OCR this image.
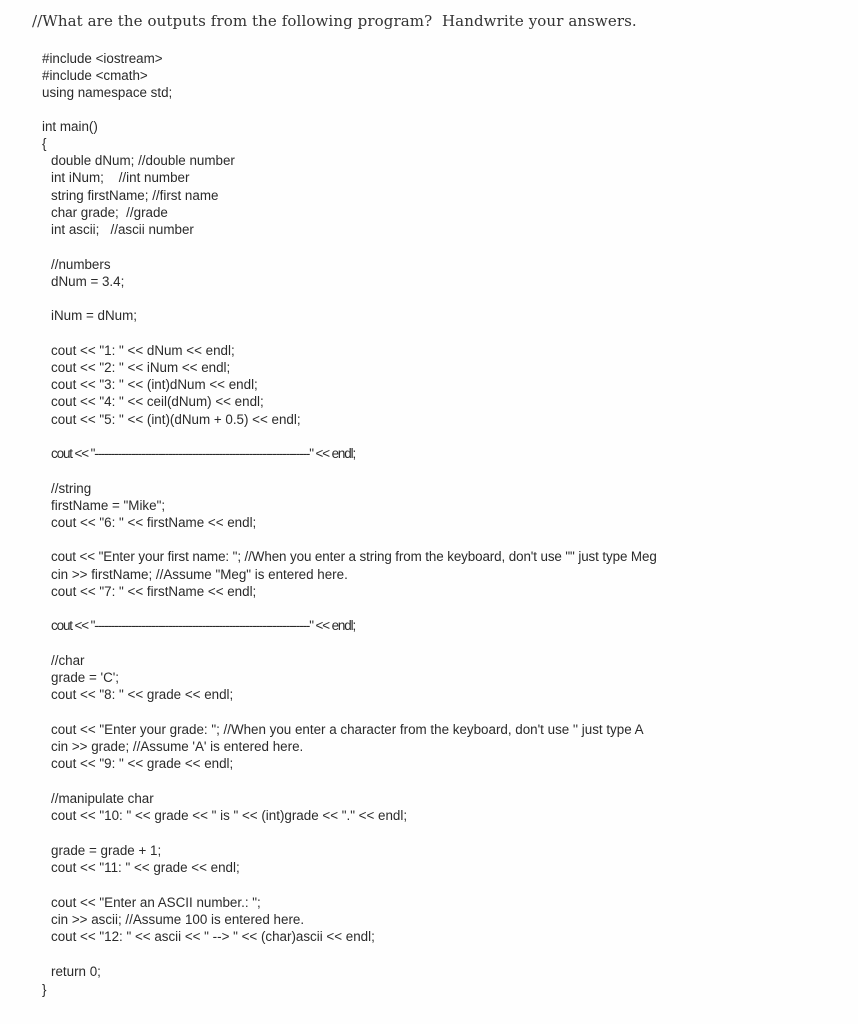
//What are the outputs from the following program?  Handwrite your answers.
#include <iostream>
#include <cmath>
using namespace std;
int main()
{
double dNum; //double number
int iNum;    //int number
string firstName; //first name
char grade;  //grade
int ascii;   //ascii number
//numbers
dNum = 3.4;
iNum = dNum;
cout << "1: " << dNum << endl;
cout << "2: " << iNum << endl;
cout << "3: " << (int)dNum << endl;
cout << "4: " << ceil(dNum) << endl;
cout << "5: " << (int)(dNum + 0.5) << endl;
cout << "----------------------------------------------------------------" << endl;
//string
firstName = "Mike";
cout << "6: " << firstName << endl;
cout << "Enter your first name: "; //When you enter a string from the keyboard, don't use "" just type Meg
cin >> firstName; //Assume "Meg" is entered here.
cout << "7: " << firstName << endl;
cout << "----------------------------------------------------------------" << endl;
//char
grade = 'C';
cout << "8: " << grade << endl;
cout << "Enter your grade: "; //When you enter a character from the keyboard, don't use '' just type A
cin >> grade; //Assume 'A' is entered here.
cout << "9: " << grade << endl;
//manipulate char
cout << "10: " << grade << " is " << (int)grade << "." << endl;
grade = grade + 1;
cout << "11: " << grade << endl;
cout << "Enter an ASCII number.: ";
cin >> ascii; //Assume 100 is entered here.
cout << "12: " << ascii << " --> " << (char)ascii << endl;
return 0;
}
